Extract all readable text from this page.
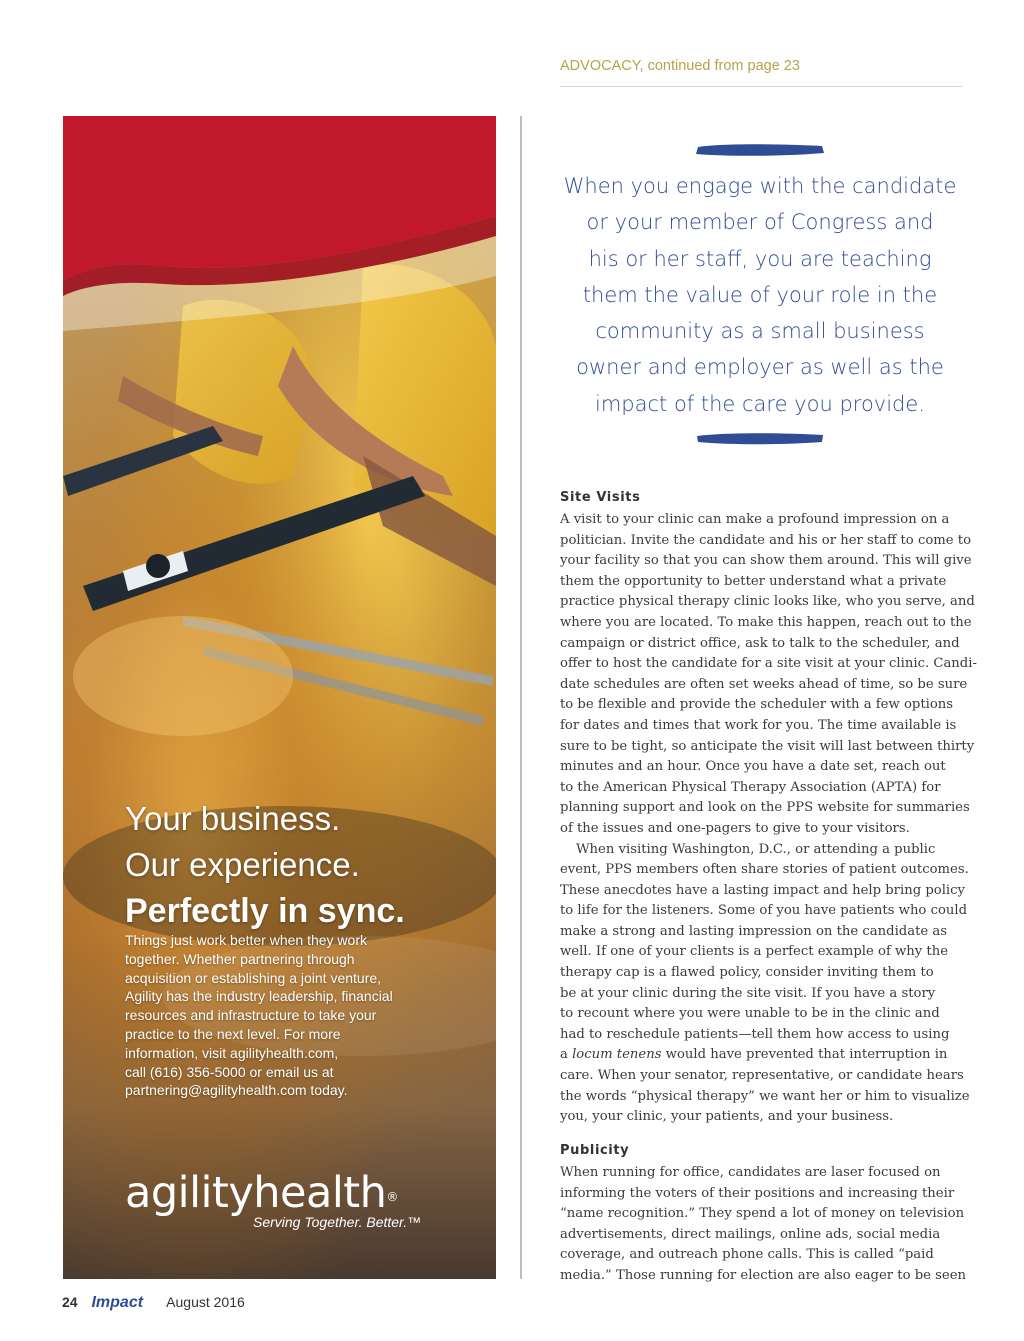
ADVOCACY, continued from page 23
Your business.
Our experience.
Perfectly in sync.
Things just work better when they work
together. Whether partnering through
acquisition or establishing a joint venture,
Agility has the industry leadership, financial
resources and infrastructure to take your
practice to the next level. For more
information, visit agilityhealth.com,
call (616) 356-5000 or email us at
partnering@agilityhealth.com today.
agilityhealth®
Serving Together. Better.™
When you engage with the candidate
or your member of Congress and
his or her staff, you are teaching
them the value of your role in the
community as a small business
owner and employer as well as the
impact of the care you provide.
Site Visits

A visit to your clinic can make a profound impression on a
politician. Invite the candidate and his or her staff to come to
your facility so that you can show them around. This will give
them the opportunity to better understand what a private
practice physical therapy clinic looks like, who you serve, and
where you are located. To make this happen, reach out to the
campaign or district office, ask to talk to the scheduler, and
offer to host the candidate for a site visit at your clinic. Candi-
date schedules are often set weeks ahead of time, so be sure
to be flexible and provide the scheduler with a few options
for dates and times that work for you. The time available is
sure to be tight, so anticipate the visit will last between thirty
minutes and an hour. Once you have a date set, reach out
to the American Physical Therapy Association (APTA) for
planning support and look on the PPS website for summaries
of the issues and one-pagers to give to your visitors.

When visiting Washington, D.C., or attending a public
event, PPS members often share stories of patient outcomes.
These anecdotes have a lasting impact and help bring policy
to life for the listeners. Some of you have patients who could
make a strong and lasting impression on the candidate as
well. If one of your clients is a perfect example of why the
therapy cap is a flawed policy, consider inviting them to
be at your clinic during the site visit. If you have a story
to recount where you were unable to be in the clinic and
had to reschedule patients—tell them how access to using
a locum tenens would have prevented that interruption in
care. When your senator, representative, or candidate hears
the words “physical therapy” we want her or him to visualize
you, your clinic, your patients, and your business.

Publicity
When running for office, candidates are laser focused on
informing the voters of their positions and increasing their
“name recognition.” They spend a lot of money on television
advertisements, direct mailings, online ads, social media
coverage, and outreach phone calls. This is called “paid
media.” Those running for election are also eager to be seen
24 Impact August 2016
